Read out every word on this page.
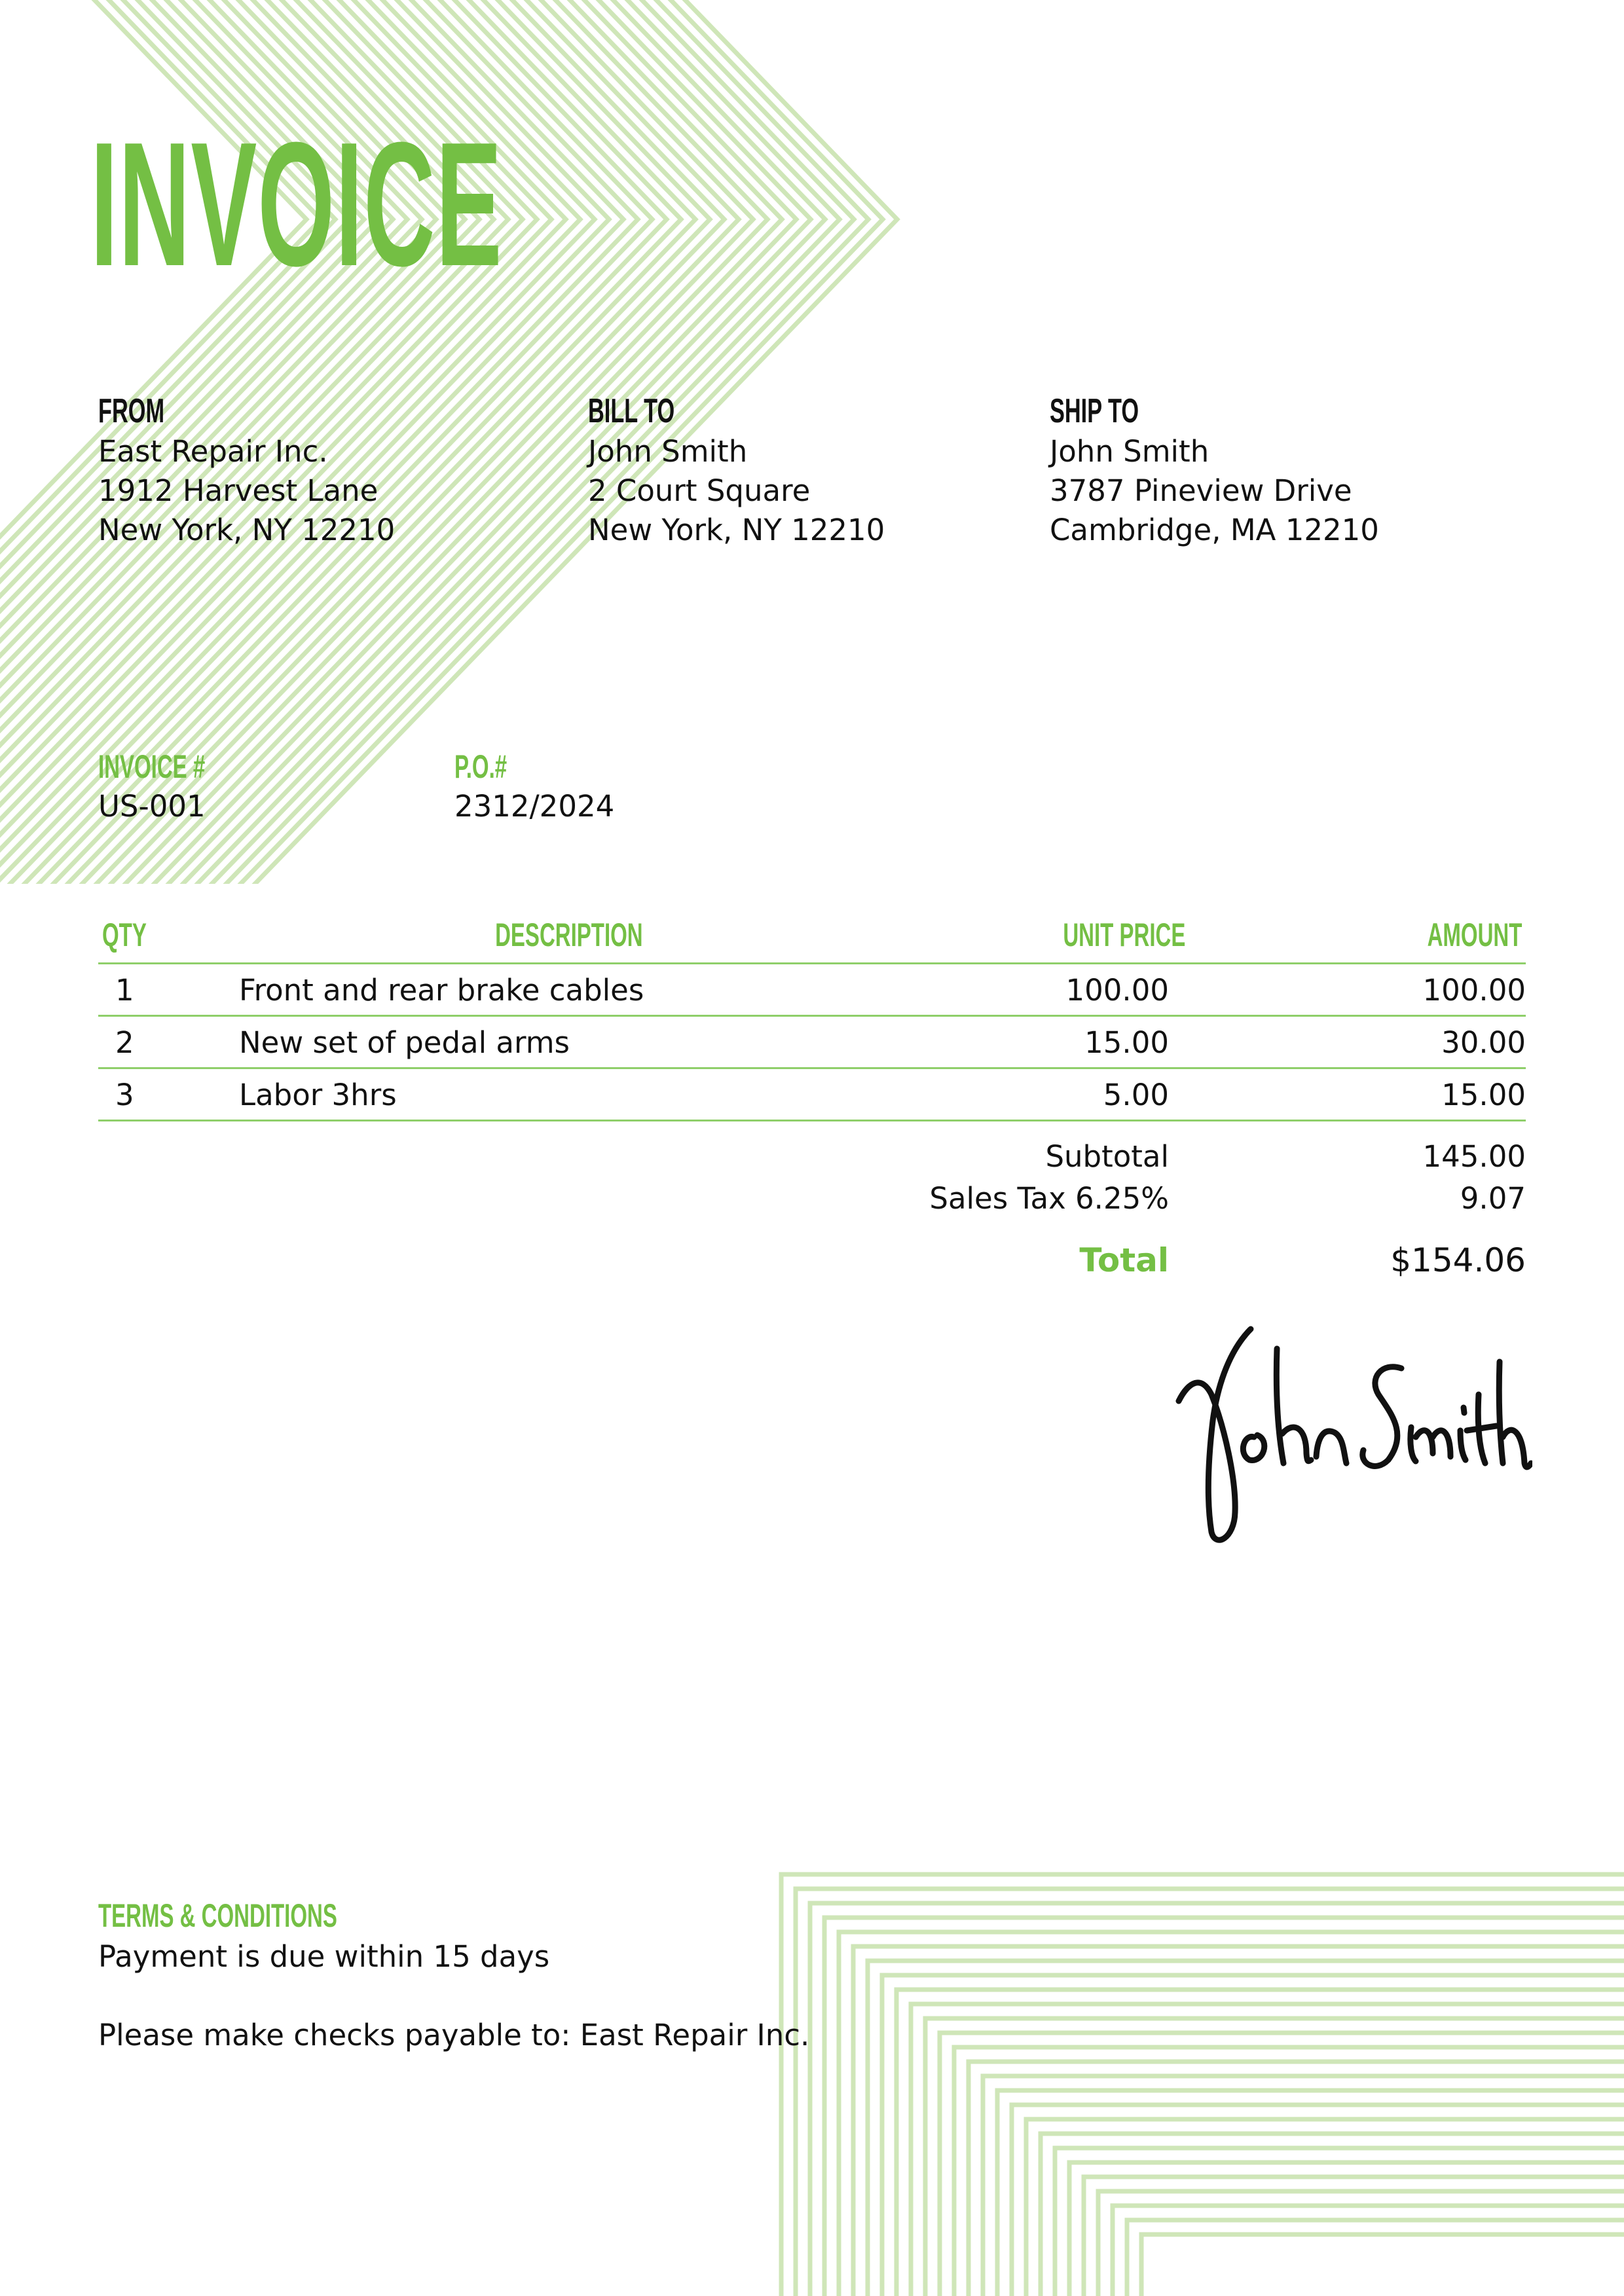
INVOICE
FROM
East Repair Inc.
1912 Harvest Lane
New York, NY 12210
BILL TO
John Smith
2 Court Square
New York, NY 12210
SHIP TO
John Smith
3787 Pineview Drive
Cambridge, MA 12210
INVOICE #
US-001
P.O.#
2312/2024
QTY	DESCRIPTION	UNIT PRICE	AMOUNT
1	Front and rear brake cables	100.00	100.00
2	New set of pedal arms	15.00	30.00
3	Labor 3hrs	5.00	15.00
Subtotal	145.00
Sales Tax 6.25%	9.07
Total	$154.06
TERMS & CONDITIONS
Payment is due within 15 days
Please make checks payable to: East Repair Inc.
